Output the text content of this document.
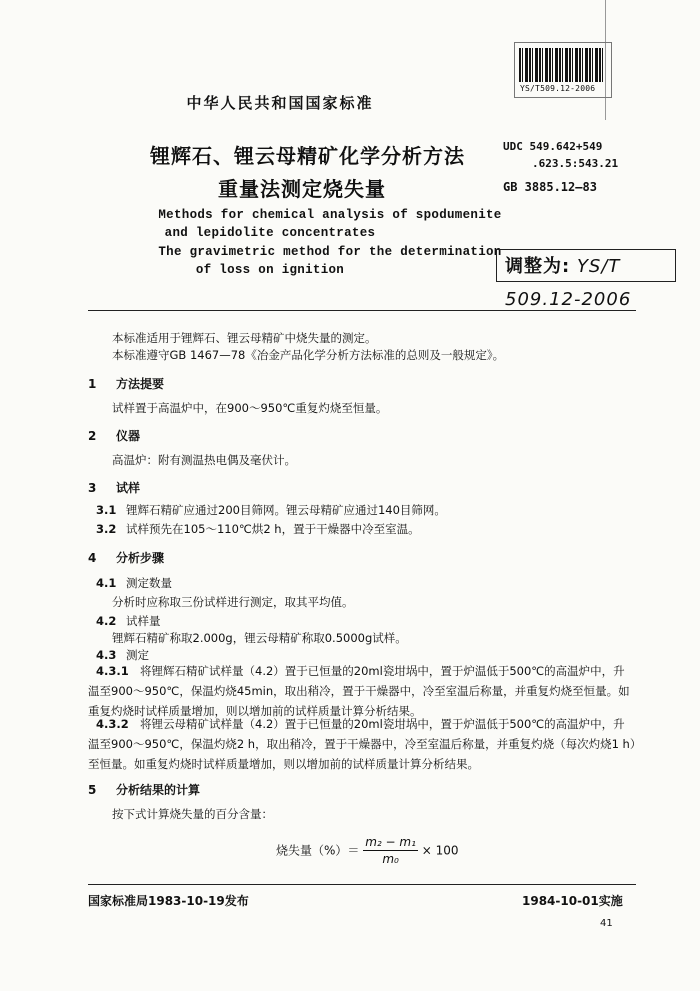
YS/T509.12-2006
中华人民共和国国家标准
锂辉石、锂云母精矿化学分析方法
重量法测定烧失量
UDC 549.642+549
.623.5:543.21
GB 3885.12—83
Methods for chemical analysis of spodumenite
and lepidolite concentrates
The gravimetric method for the determination
of loss on ignition	调整为: YS/T 509.12-2006
本标准适用于锂辉石、锂云母精矿中烧失量的测定。
本标准遵守GB 1467—78《冶金产品化学分析方法标准的总则及一般规定》。
1 方法提要
试样置于高温炉中，在900～950℃重复灼烧至恒量。
2 仪器
高温炉：附有测温热电偶及毫伏计。
3 试样
3.1 锂辉石精矿应通过200目筛网。锂云母精矿应通过140目筛网。
3.2 试样预先在105～110℃烘2 h，置于干燥器中冷至室温。
4 分析步骤
4.1 测定数量
分析时应称取三份试样进行测定，取其平均值。
4.2 试样量
锂辉石精矿称取2.000g，锂云母精矿称取0.5000g试样。
4.3 测定
4.3.1 将锂辉石精矿试样量（4.2）置于已恒量的20ml瓷坩埚中，置于炉温低于500℃的高温炉中，升温至900～950℃，保温灼烧45min，取出稍冷，置于干燥器中，冷至室温后称量，并重复灼烧至恒量。如重复灼烧时试样质量增加，则以增加前的试样质量计算分析结果。
4.3.2 将锂云母精矿试样量（4.2）置于已恒量的20ml瓷坩埚中，置于炉温低于500℃的高温炉中，升温至900～950℃，保温灼烧2 h，取出稍冷，置于干燥器中，冷至室温后称量，并重复灼烧（每次灼烧1 h）至恒量。如重复灼烧时试样质量增加，则以增加前的试样质量计算分析结果。
5 分析结果的计算
按下式计算烧失量的百分含量：
烧失量（%）＝ $\frac{\text{m₂ − m₁}}{\text{m₀}} \times 100$
国家标准局1983-10-19发布	1984-10-01实施
41
